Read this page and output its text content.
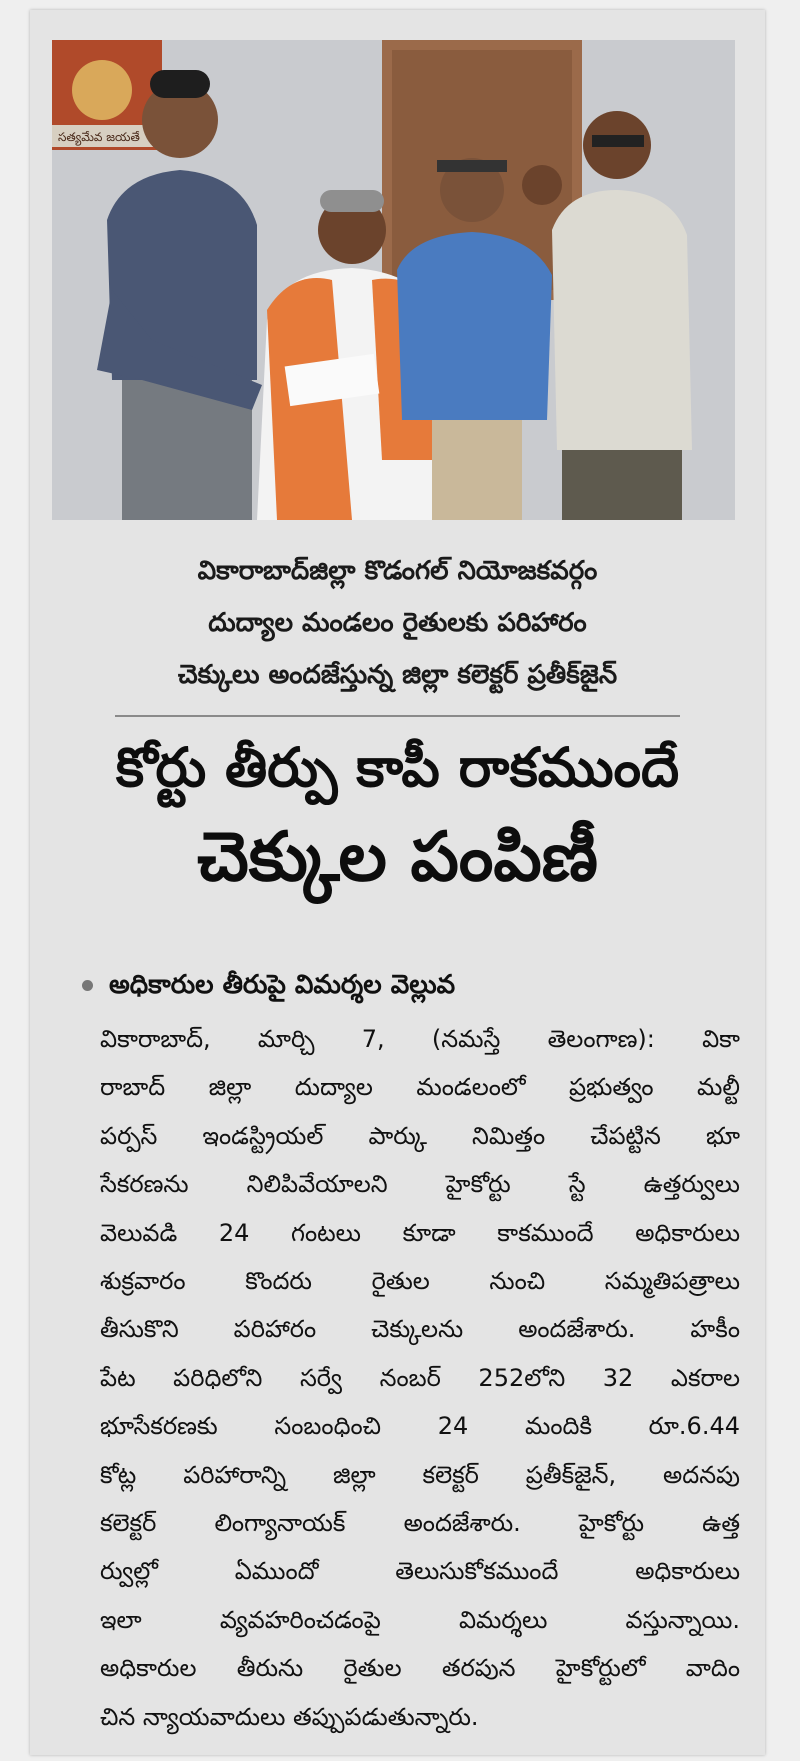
సత్యమేవ జయతే
వికారాబాద్‌జిల్లా కొడంగల్ నియోజకవర్గం
దుద్యాల మండలం రైతులకు పరిహారం
చెక్కులు అందజేస్తున్న జిల్లా కలెక్టర్ ప్రతీక్‌జైన్
కోర్టు తీర్పు కాపీ రాకముందే
చెక్కుల పంపిణీ
అధికారుల తీరుపై విమర్శల వెల్లువ
వికారాబాద్, మార్చి 7, (నమస్తే తెలంగాణ): వికా
రాబాద్ జిల్లా దుద్యాల మండలంలో ప్రభుత్వం మల్టీ
పర్పస్ ఇండస్ట్రియల్ పార్కు నిమిత్తం చేపట్టిన భూ
సేకరణను నిలిపివేయాలని హైకోర్టు స్టే ఉత్తర్వులు
వెలువడి 24 గంటలు కూడా కాకముందే అధికారులు
శుక్రవారం కొందరు రైతుల నుంచి సమ్మతిపత్రాలు
తీసుకొని పరిహారం చెక్కులను అందజేశారు. హకీం
పేట పరిధిలోని సర్వే నంబర్ 252లోని 32 ఎకరాల
భూసేకరణకు సంబంధించి 24 మందికి రూ.6.44
కోట్ల పరిహారాన్ని జిల్లా కలెక్టర్ ప్రతీక్‌జైన్, అదనపు
కలెక్టర్ లింగ్యానాయక్ అందజేశారు. హైకోర్టు ఉత్త
ర్వుల్లో ఏముందో తెలుసుకోకముందే అధికారులు
ఇలా వ్యవహరించడంపై విమర్శలు వస్తున్నాయి.
అధికారుల తీరును రైతుల తరపున హైకోర్టులో వాదిం
చిన న్యాయవాదులు తప్పుపడుతున్నారు.
